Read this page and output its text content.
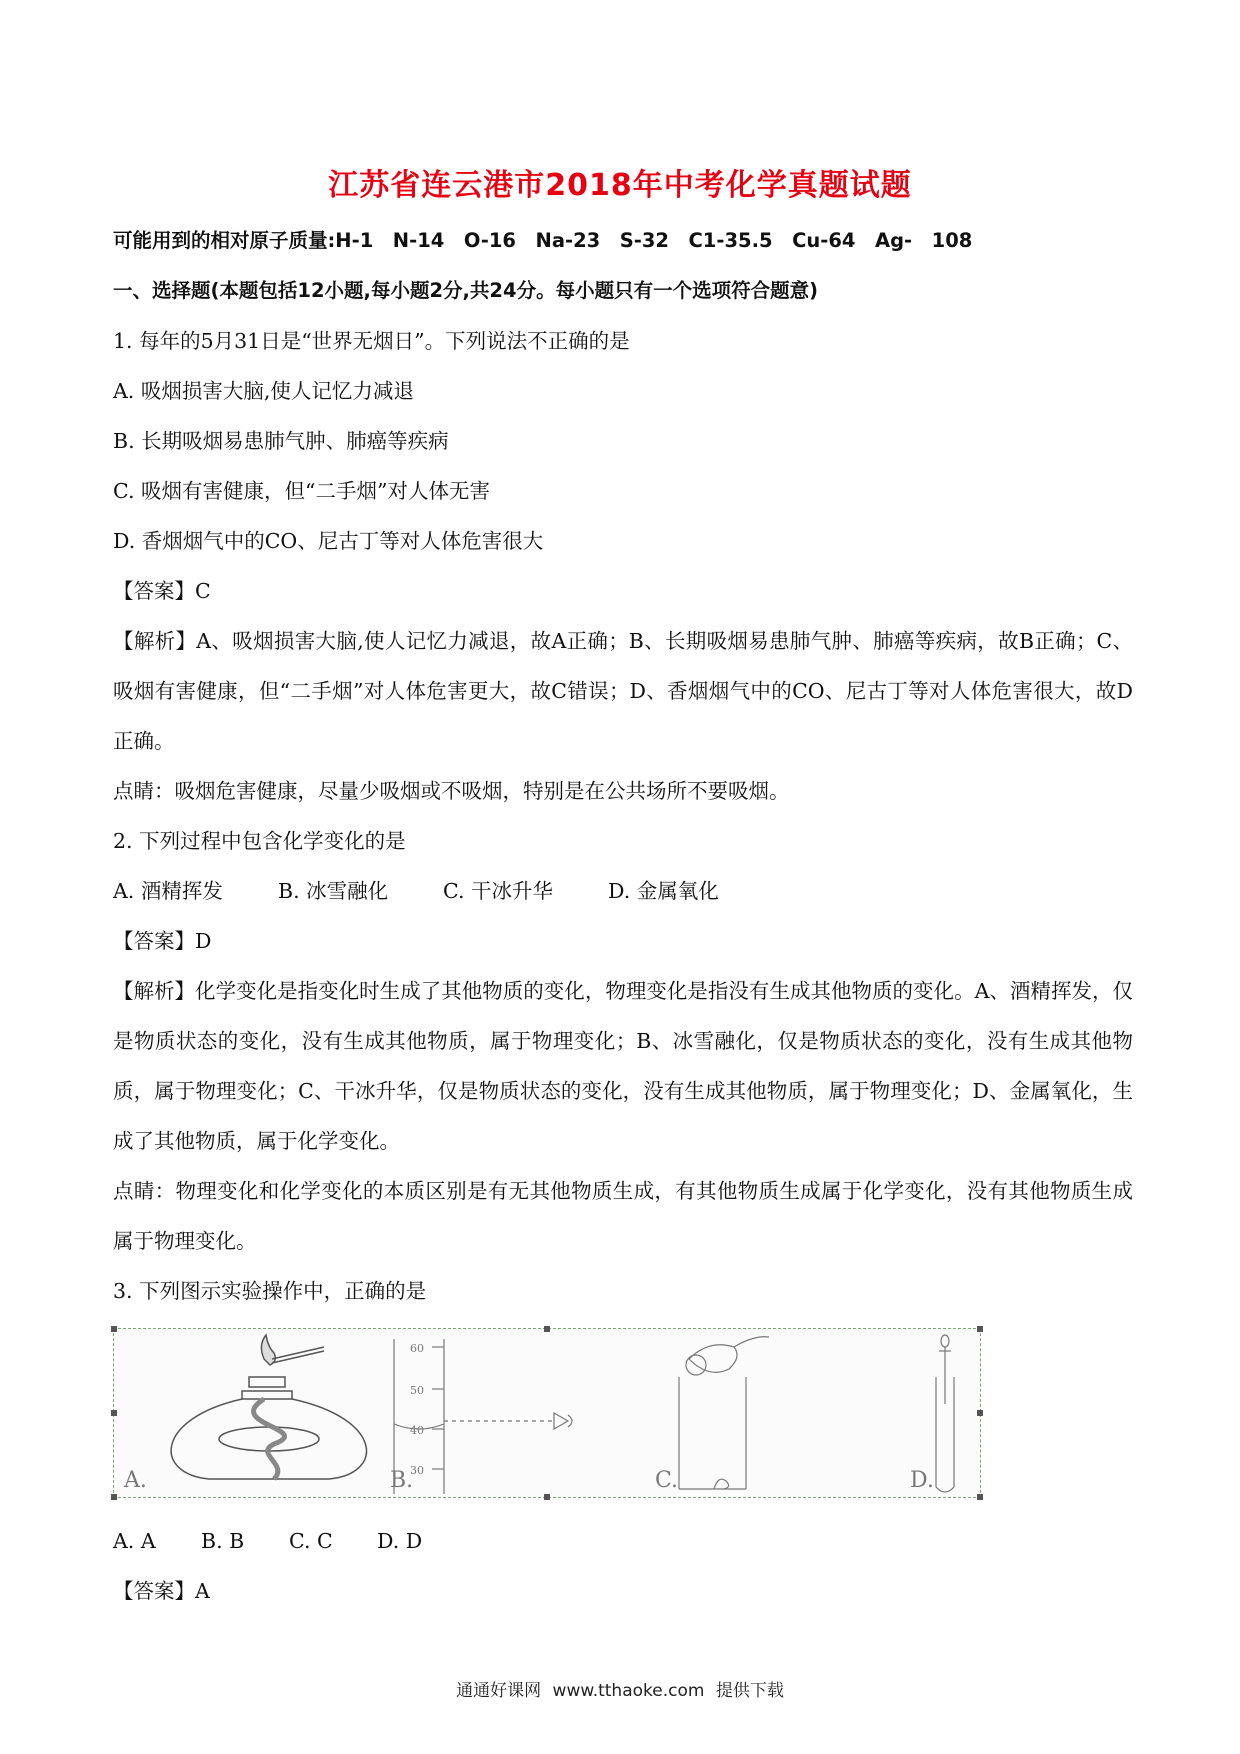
江苏省连云港市2018年中考化学真题试题
可能用到的相对原子质量:H-1　N-14　O-16　Na-23　S-32　C1-35.5　Cu-64　Ag-　108
一、选择题(本题包括12小题,每小题2分,共24分。每小题只有一个选项符合题意)
1. 每年的5月31日是“世界无烟日”。下列说法不正确的是
A. 吸烟损害大脑,使人记忆力减退
B. 长期吸烟易患肺气肿、肺癌等疾病
C. 吸烟有害健康，但“二手烟”对人体无害
D. 香烟烟气中的CO、尼古丁等对人体危害很大
【答案】C
【解析】A、吸烟损害大脑,使人记忆力减退，故A正确；B、长期吸烟易患肺气肿、肺癌等疾病，故B正确；C、吸烟有害健康，但“二手烟”对人体危害更大，故C错误；D、香烟烟气中的CO、尼古丁等对人体危害很大，故D正确。
点睛：吸烟危害健康，尽量少吸烟或不吸烟，特别是在公共场所不要吸烟。
2. 下列过程中包含化学变化的是
A. 酒精挥发	B. 冰雪融化	C. 干冰升华	D. 金属氧化
【答案】D
【解析】化学变化是指变化时生成了其他物质的变化，物理变化是指没有生成其他物质的变化。A、酒精挥发，仅是物质状态的变化，没有生成其他物质，属于物理变化；B、冰雪融化，仅是物质状态的变化，没有生成其他物质，属于物理变化；C、干冰升华，仅是物质状态的变化，没有生成其他物质，属于物理变化；D、金属氧化，生成了其他物质，属于化学变化。
点睛：物理变化和化学变化的本质区别是有无其他物质生成，有其他物质生成属于化学变化，没有其他物质生成属于物理变化。
3. 下列图示实验操作中，正确的是
A.
60
50
40
30
B.	C.	D.
A. A B. B C. C D. D
【答案】A
通通好课网 www.tthaoke.com 提供下载
